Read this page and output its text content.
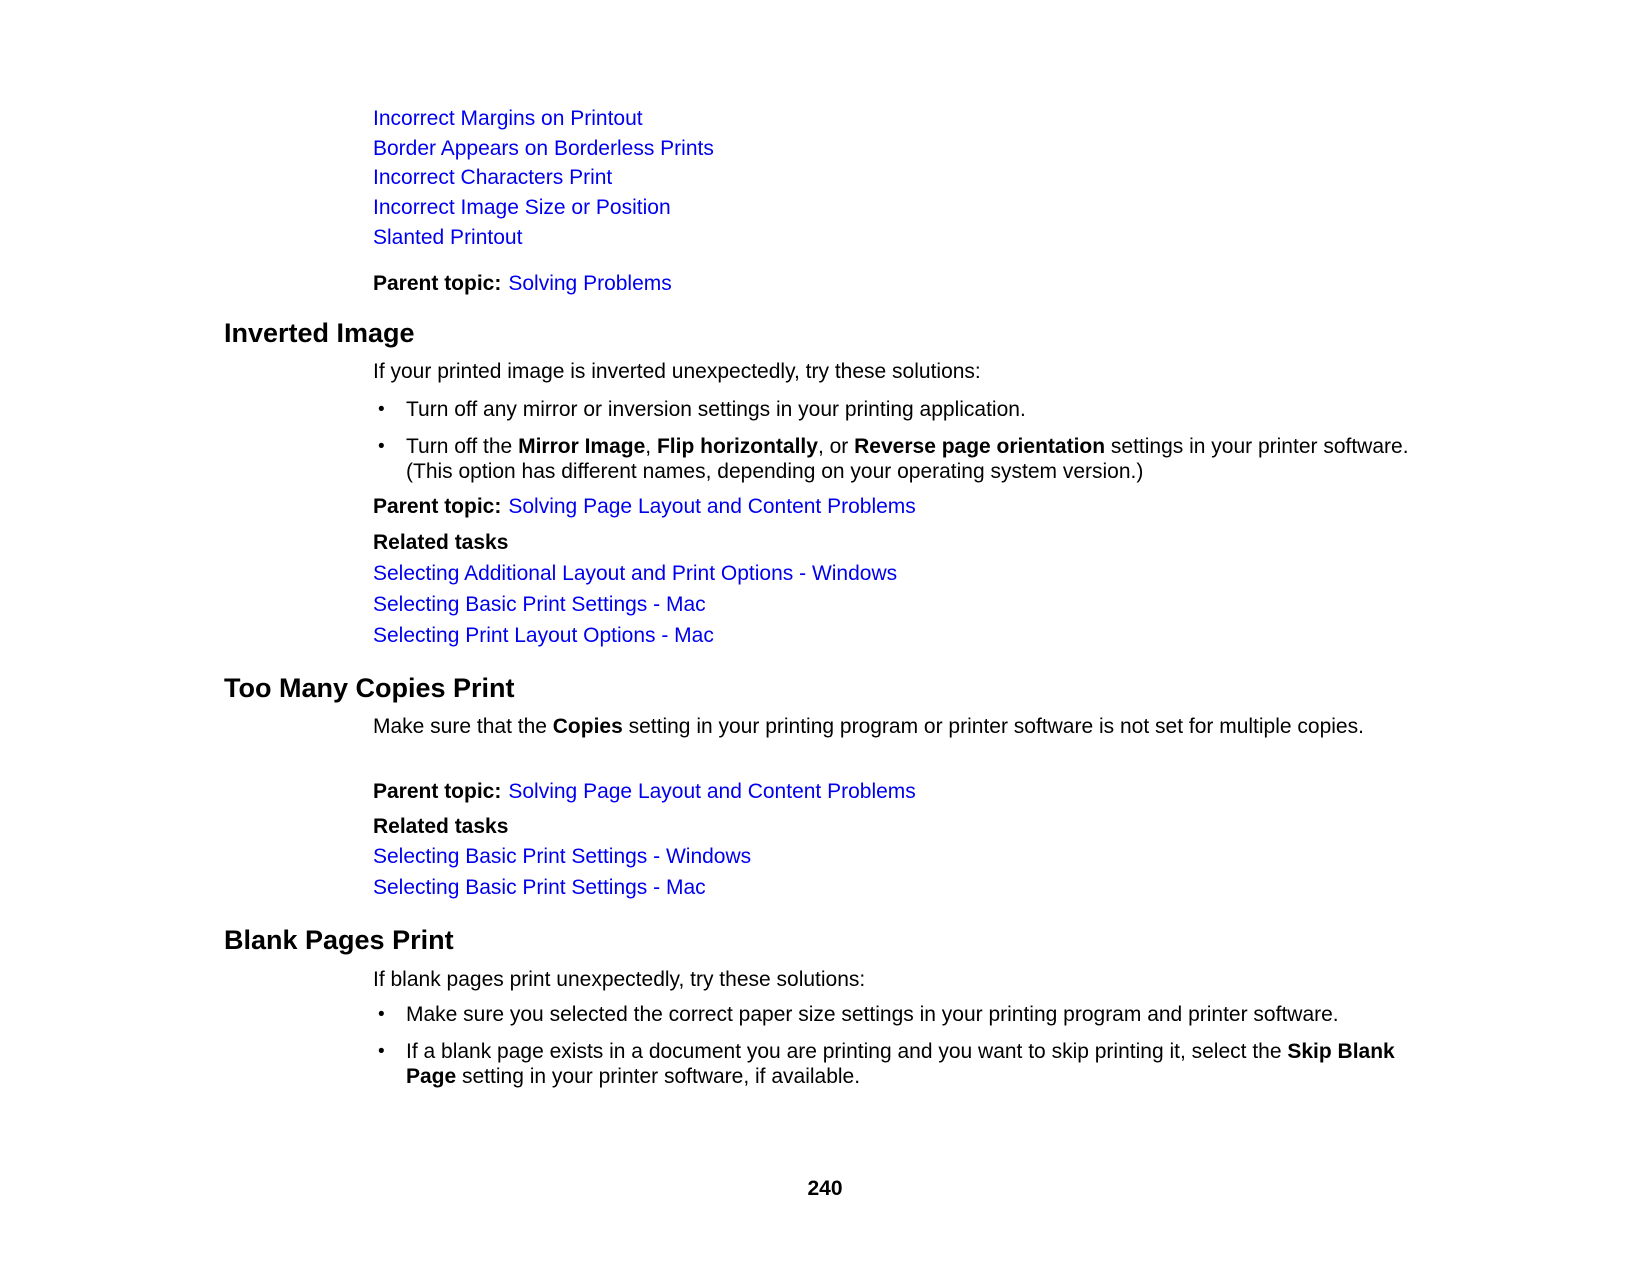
Incorrect Margins on Printout
Border Appears on Borderless Prints
Incorrect Characters Print
Incorrect Image Size or Position
Slanted Printout

Parent topic: Solving Problems

Inverted Image

If your printed image is inverted unexpectedly, try these solutions:

•	Turn off any mirror or inversion settings in your printing application.
•	Turn off the Mirror Image, Flip horizontally, or Reverse page orientation settings in your printer software. (This option has different names, depending on your operating system version.)

Parent topic: Solving Page Layout and Content Problems

Related tasks

Selecting Additional Layout and Print Options - Windows
Selecting Basic Print Settings - Mac
Selecting Print Layout Options - Mac
Too Many Copies Print
Make sure that the Copies setting in your printing program or printer software is not set for multiple copies.

Parent topic: Solving Page Layout and Content Problems

Related tasks

Selecting Basic Print Settings - Windows
Selecting Basic Print Settings - Mac
Blank Pages Print

If blank pages print unexpectedly, try these solutions:

•	Make sure you selected the correct paper size settings in your printing program and printer software.
•	If a blank page exists in a document you are printing and you want to skip printing it, select the Skip Blank Page setting in your printer software, if available.
240
